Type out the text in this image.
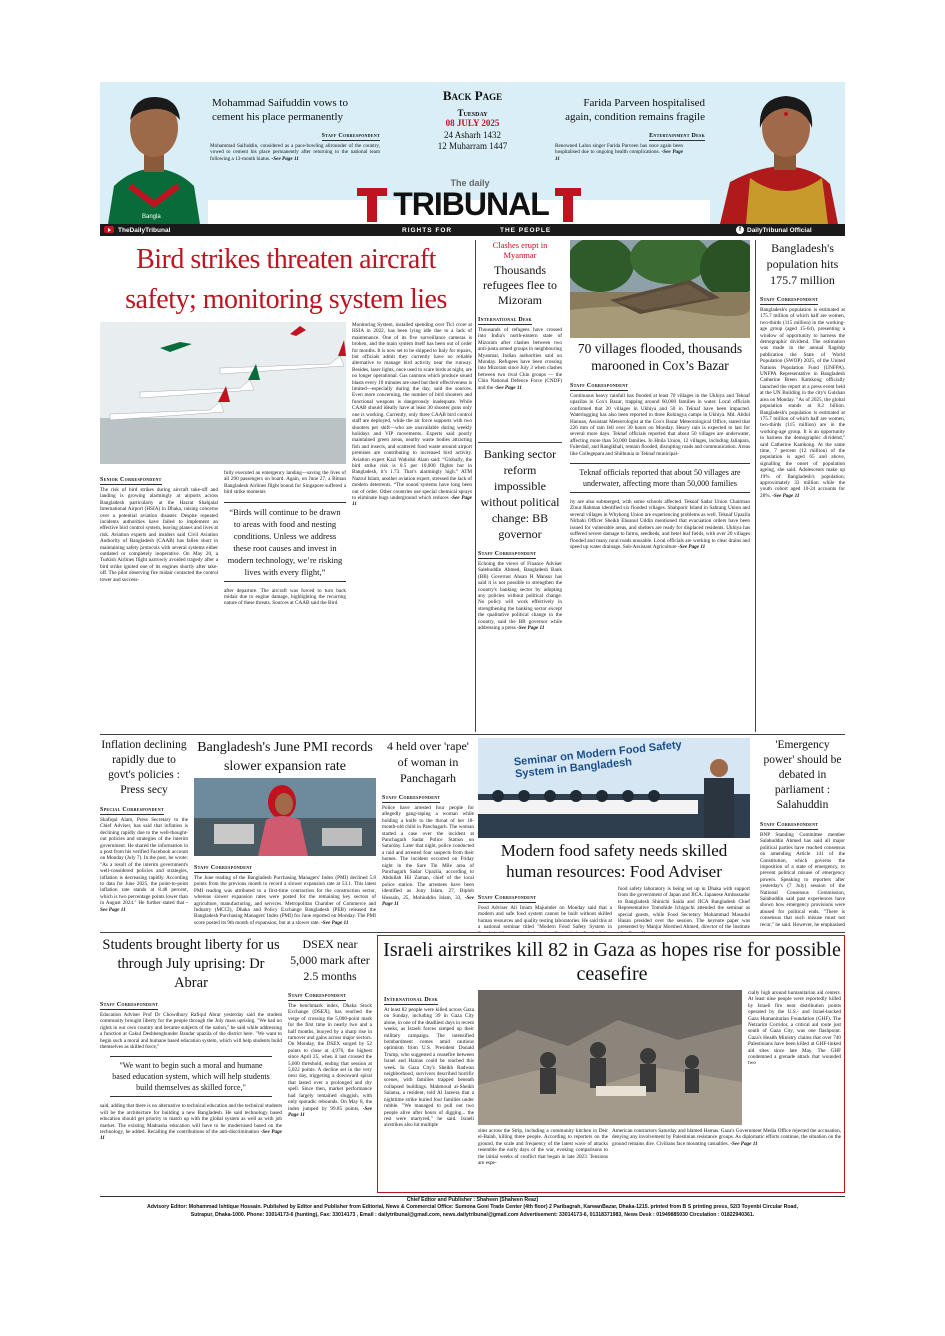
Bangla
Mohammad Saifuddin vows to cement his place permanently
Staff Correspondent
Mohammad Saifuddin, considered as a pace-bowling allrounder of the country, vowed to cement his place permanently after returning to the national team following a 13-month hiatus. -See Page 11
Back Page
Tuesday
08 JULY 2025
24 Asharh 1432
12 Muharram 1447
Farida Parveen hospitalised again, condition remains fragile
Entertainment Desk
Renowned Lalon singer Farida Parveen has once again been hospitalised due to ongoing health complications. -See Page 11
The daily
TRIBUNAL
TheDailyTribunal	RIGHTS FOR	THE PEOPLE	f DailyTribunal Official
Bird strikes threaten aircraft safety; monitoring system lies
Senior Correspondent
The risk of bird strikes during aircraft take-off and landing is growing alarmingly at airports across Bangladesh particularly at the Hazrat Shahjalal International Airport (HSIA) in Dhaka, raising concerns over a potential aviation disaster. Despite repeated incidents authorities have failed to implement an effective bird control system, leaving planes and lives at risk. Aviation experts and insiders said Civil Aviation Authority of Bangladesh (CAAB) has fallen short in maintaining safety protocols with several systems either outdated or completely inoperative. On May 20, a Turkish Airlines flight narrowly avoided tragedy after a bird strike ignited one of its engines shortly after take-off. The pilot observing fire midair contacted the control tower and success-
fully executed an emergency landing—saving the lives of all 290 passengers on board. Again, on June 27, a Biman Bangladesh Airlines flight bound for Singapore suffered a bird strike moments
“Birds will continue to be drawn to areas with food and nesting conditions. Unless we address these root causes and invest in modern technology, we’re risking lives with every flight,”
after departure. The aircraft was forced to turn back midair due to engine damage, highlighting the recurring nature of these threats. Sources at CAAB said the Bird
Monitoring System, installed spending over Tk1 crore at HSIA in 2022, has been lying idle due to a lack of maintenance. One of its five surveillance cameras is broken, and the main system itself has been out of order for months. It is now set to be shipped to Italy for repairs, but officials admit they currently have no reliable alternative to manage bird activity near the runway. Besides, laser lights, once used to scare birds at night, are no longer operational. Gas cannons which produce sound blasts every 10 minutes are used but their effectiveness is limited—especially during the day, said the sources. Even more concerning, the number of bird shooters and functional weapons is dangerously inadequate. While CAAB should ideally have at least 30 shooter guns only one is working. Currently, only three CAAB bird control staff are deployed, while the air force supports with two shooters per shift—who are unavailable during weekly holidays and VIP movements. Experts said poorly maintained green areas, nearby waste bodies attracting fish and insects, and scattered food waste around airport premises are contributing to increased bird activity. Aviation expert Kazi Wahidul Alam said: “Globally, the bird strike risk is 0.5 per 10,000 flights but in Bangladesh, it’s 1.73. That’s alarmingly high.” ATM Nazrul Islam, another aviation expert, stressed the lack of modern deterrents. “The sound systems have long been out of order. Other countries use special chemical sprays to eliminate bugs underground which reduces -See Page 11
Clashes erupt in Myanmar
Thousands refugees flee to Mizoram
International Desk
Thousands of refugees have crossed into India's north-eastern state of Mizoram after clashes between two anti-junta armed groups in neighbouring Myanmar, Indian authorities said on Monday. Refugees have been crossing into Mizoram since July 3 when clashes between two rival Chin groups — the Chin National Defence Force (CNDF) and the -See Page 11
Banking sector reform impossible without political change: BB governor
Staff Correspondent
Echoing the views of Finance Adviser Salehuddin Ahmed, Bangladesh Bank (BB) Governor Ahsan H Mansur has said it is not possible to strengthen the country's banking sector by adopting any policies without political change. No policy will work effectively in strengthening the banking sector except the qualitative political change in the country, said the BB governor while addressing a press -See Page 11
70 villages flooded, thousands marooned in Cox’s Bazar
Staff Correspondent
Continuous heavy rainfall has flooded at least 70 villages in the Ukhiya and Teknaf upazilas in Cox's Bazar, trapping around 60,000 families in water. Local officials confirmed that 20 villages in Ukhiya and 50 in Teknaf have been impacted. Waterlogging has also been reported in three Rohingya camps in Ukhiya. Md. Abdul Hannan, Assistant Meteorologist at the Cox's Bazar Meteorological Office, stated that 226 mm of rain fell over 30 hours on Monday. Heavy rain is expected to last for several more days. Teknaf officials reported that about 50 villages are underwater, affecting more than 50,000 families. In Hnila Union, 12 villages, including Jaliapara, Fulerdail, and Rangikhali, remain flooded, disrupting roads and communication. Areas like Collegepara and Shilbunia in Teknaf municipal-
Teknaf officials reported that about 50 villages are underwater, affecting more than 50,000 families
ity are also submerged, with some schools affected. Teknaf Sadar Union Chairman Zinur Rahman identified six flooded villages. Shahporir Island in Sabrang Union and several villages in Whykong Union are experiencing problems as well. Teknaf Upazila Nirbahi Officer Sheikh Ehsanul Uddin mentioned that evacuation orders have been issued for vulnerable areas, and shelters are ready for displaced residents. Ukhiya has suffered severe damage to farms, seedbeds, and betel leaf fields, with over 20 villages flooded and many rural roads unusable. Local officials are working to clear drains and speed up water drainage. Sub-Assistant Agriculture -See Page 11
Bangladesh's population hits 175.7 million
Staff Correspondent
Bangladesh's population is estimated at 175.7 million of which half are women, two-thirds (115 million) in the working-age group (aged 15-64), presenting a window of opportunity to harness the demographic dividend. The estimation was made in the annual flagship publication the State of World Population (SWOP) 2025, of the United Nations Population Fund (UNFPA). UNFPA Representative in Bangladesh Catherine Breen Kamkong officially launched the report at a press event held at the UN Building in the city's Gulshan area on Monday. "As of 2025, the global population stands at 8.2 billion. Bangladesh's population is estimated at 175.7 million of which half are women, two-thirds (115 million) are in the working-age group. It is an opportunity to harness the demographic dividend," said Catherine Kamkong. At the same time, 7 percent (12 million) of the population is aged 65 and above, signalling the onset of population ageing, she said. Adolescents make up 19% of Bangladesh's population; approximately 33 million while the youth cohort aged 10-24 accounts for 28%. -See Page 11
Inflation declining rapidly due to govt's policies : Press secy
Special Correspondent
Shafiqul Alam, Press Secretary to the Chief Adviser, has said that inflation is declining rapidly due to the well-thought-out policies and strategies of the interim government. He shared the information in a post from his verified Facebook account on Monday (July 7). In the post, he wrote: "As a result of the interim government's well-considered policies and strategies, inflation is decreasing rapidly. According to data for June 2025, the point-to-point inflation rate stands at 8.48 percent, which is two percentage points lower than in August 2024." He further stated that -See Page 11
Bangladesh's June PMI records slower expansion rate
Staff Correspondent
The June reading of the Bangladesh Purchasing Managers' Index (PMI) declined 5.8 points from the previous month to record a slower expansion rate at 53.1. This latest PMI reading was attributed to a first-time contraction for the construction sector, whereas slower expansion rates were posted for the remaining key sectors of agriculture, manufacturing, and services. Metropolitan Chamber of Commerce and Industry (MCCI), Dhaka and Policy Exchange Bangladesh (PEB) released the Bangladesh Purchasing Managers' Index (PMI) for June reported on Monday. The PMI score posted its 9th month of expansion, but at a slower rate. -See Page 11
4 held over 'rape' of woman in Panchagarh
Staff Correspondent
Police have arrested four people for allegedly gang-raping a woman while holding a knife to the throat of her 18-month-old child in Panchagarh. The woman started a case over the incident at Panchagarh Sadar Police Station on Saturday. Later that night, police conducted a raid and arrested four suspects from their homes. The incident occurred on Friday night in the Sare Tin Mile area of Panchagarh Sadar Upazila, according to Abdullah Hil Zaman, chief of the local police station. The arrestees have been identified as Jony Islam, 27, Biplob Hossain, 25, Mohiuddin Islam, 33, -See Page 11
Seminar on Modern Food Safety System in Bangladesh
Modern food safety needs skilled human resources: Food Adviser
Staff Correspondent
Food Adviser Ali Imam Majumder on Monday said that a modern and safe food system cannot be built without skilled human resources and quality testing laboratories. He said this at a national seminar titled "Modern Food Safety System in
food safety laboratory is being set up in Dhaka with support from the government of Japan and JICA. Japanese Ambassador to Bangladesh Shinichi Saida and JICA Bangladesh Chief Representative Tomohide Ichiguchi attended the seminar as special guests, while Food Secretary Mohammad Masudul Hasan presided over the session. The keynote paper was presented by Manjur Morshed Ahmed, director of the Institute
'Emergency power' should be debated in parliament : Salahuddin
Staff Correspondent
BNP Standing Committee member Salahuddin Ahmed has said all major political parties have reached consensus on amending Article 141 of the Constitution, which governs the imposition of a state of emergency, to prevent political misuse of emergency powers. Speaking to reporters after yesterday's (7 July) session of the National Consensus Commission, Salahuddin said past experiences have shown how emergency provisions were abused for political ends. "There is consensus that such misuse must not recur," he said. However, he emphasised
Students brought liberty for us through July uprising: Dr Abrar
Staff Correspondent
Education Adviser Prof Dr Chowdhury Rafiqul Abrar yesterday said the student community brought liberty for the people through the July mass uprising. "We had no rights in our own country and became subjects of the nation," he said while addressing a function at Gakul Deshbenghunder Bandar upazila of the district here. "We want to begin such a moral and humane based education system, which will help students build themselves as skilled force,"
"We want to begin such a moral and humane based education system, which will help students build themselves as skilled force,"
said, adding that there is no alternative to technical education and the technical students will be the architecture for building a new Bangladesh. He said technology based education should get priority to match up with the global system as well as with job market. The existing Madrasha education will have to be modernised based on the technology, he added. Recalling the contributions of the anti-discrimination -See Page 11
DSEX near 5,000 mark after 2.5 months
Staff Correspondent
The benchmark index, Dhaka Stock Exchange (DSEX), has reached the verge of crossing the 5,000-point mark for the first time in nearly two and a half months, buoyed by a sharp rise in turnover and gains across major sectors. On Monday, the DSEX surged by 52 points to close at 4,976, the highest since April 25, when it last crossed the 5,000 threshold, ending that session at 5,022 points. A decline set in the very next day, triggering a downward spiral that lasted over a prolonged and dry spell. Since then, market performance had largely remained sluggish, with only sporadic rebounds. On May 8, the index jumped by 99.85 points, -See Page 11
Israeli airstrikes kill 82 in Gaza as hopes rise for possible ceasefire
International Desk
At least 82 people were killed across Gaza on Sunday, including 39 in Gaza City alone, in one of the deadliest days in recent weeks, as Israeli forces ramped up their military campaign. The intensified bombardment comes amid cautious optimism from U.S. President Donald Trump, who suggested a ceasefire between Israel and Hamas could be reached this week. In Gaza City's Sheikh Radwan neighborhood, survivors described horrific scenes, with families trapped beneath collapsed buildings. Mahmoud al-Sheikh Salama, a resident, told Al Jazeera that a nighttime strike buried four families under rubble. "We managed to pull out two people alive after hours of digging... the rest were martyred," he said. Israeli airstrikes also hit multiple
sites across the Strip, including a community kitchen in Deir el-Balah, killing three people. According to reporters on the ground, the scale and frequency of the latest wave of attacks resemble the early days of the war, evoking comparisons to the initial weeks of conflict that began in late 2023. Tensions are espe-
cially high around humanitarian aid centers. At least nine people were reportedly killed by Israeli fire near distribution points operated by the U.S.- and Israel-backed Gaza Humanitarian Foundation (GHF). The Netzarim Corridor, a critical aid route just south of Gaza City, was one flashpoint. Gaza's Health Ministry claims that over 740 Palestinians have been killed at GHF-linked aid sites since late May. The GHF condemned a grenade attack that wounded two
American contractors Saturday and blamed Hamas. Gaza's Government Media Office rejected the accusation, denying any involvement by Palestinian resistance groups. As diplomatic efforts continue, the situation on the ground remains dire. Civilians face mounting casualties. -See Page 11
Chief Editor and Publisher : Shaheen (Shaheen Reaz)
Advisory Editor: Mohammad Ishtique Hossain. Published by Editor and Publisher from Editorial, News & Commercial Office: Sumona Goni Trade Center (4th floor) 2 Paribagrah, KarwanBazar, Dhaka-1215. printed from B S printing press, 52/3 Toyenbi Circular Road,
Sutrapur, Dhaka-1000. Phone: 33014173-6 (hunting), Fax: 33014173 , Email : dailytribunal@gmail.com, news.dailytribunal@gmail.com Advertisement: 33014173-6, 01318371983, News Desk : 01949885030 Circulation : 01822940361.
